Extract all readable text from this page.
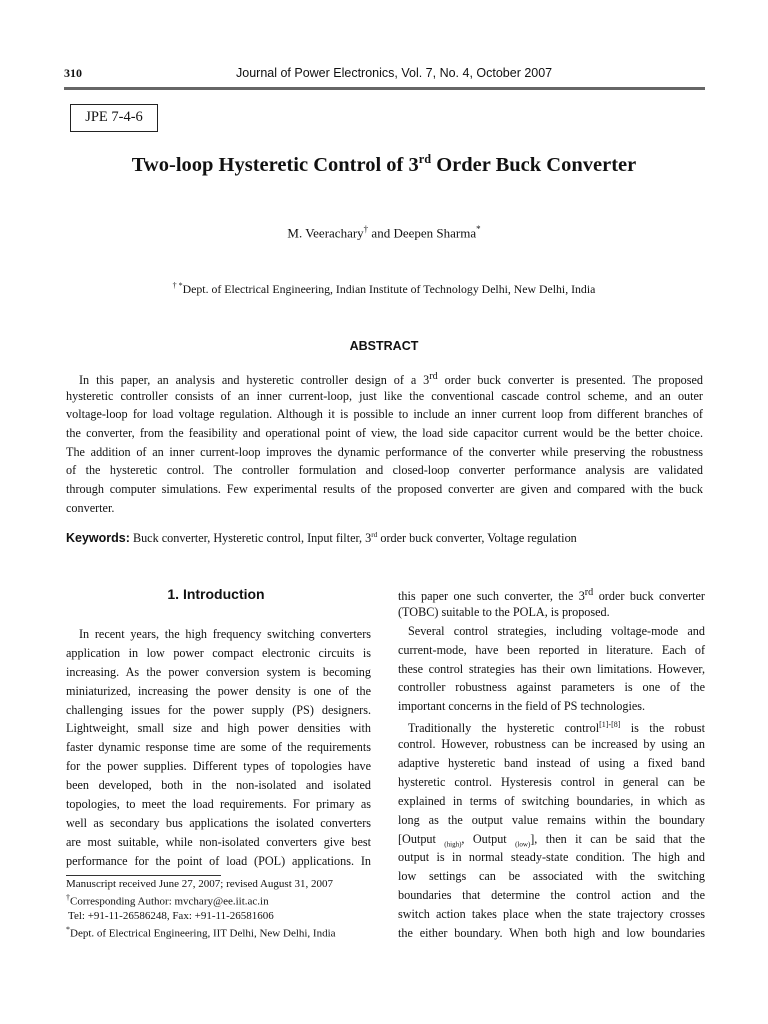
310	Journal of Power Electronics, Vol. 7, No. 4, October 2007
JPE 7-4-6
Two-loop Hysteretic Control of 3rd Order Buck Converter
M. Veerachary† and Deepen Sharma*
† *Dept. of Electrical Engineering, Indian Institute of Technology Delhi, New Delhi, India
ABSTRACT
In this paper, an analysis and hysteretic controller design of a 3rd order buck converter is presented. The proposed
hysteretic controller consists of an inner current-loop, just like the conventional cascade control scheme, and an outer
voltage-loop for load voltage regulation. Although it is possible to include an inner current loop from different branches of
the converter, from the feasibility and operational point of view, the load side capacitor current would be the better choice.
The addition of an inner current-loop improves the dynamic performance of the converter while preserving the robustness
of the hysteretic control. The controller formulation and closed-loop converter performance analysis are validated
through computer simulations. Few experimental results of the proposed converter are given and compared with the buck
converter.
Keywords: Buck converter, Hysteretic control, Input filter, 3rd order buck converter, Voltage regulation
1. Introduction
In recent years, the high frequency switching converters
application in low power compact electronic circuits is
increasing. As the power conversion system is becoming
miniaturized, increasing the power density is one of the
challenging issues for the power supply (PS) designers.
Lightweight, small size and high power densities with
faster dynamic response time are some of the requirements
for the power supplies. Different types of topologies have
been developed, both in the non-isolated and isolated
topologies, to meet the load requirements. For primary as
well as secondary bus applications the isolated converters
are most suitable, while non-isolated converters give best
performance for the point of load (POL) applications. In
Manuscript received June 27, 2007; revised August 31, 2007
†Corresponding Author: mvchary@ee.iit.ac.in
Tel: +91-11-26586248, Fax: +91-11-26581606
*Dept. of Electrical Engineering, IIT Delhi, New Delhi, India
this paper one such converter, the 3rd order buck converter
(TOBC) suitable to the POLA, is proposed.
Several control strategies, including voltage-mode and
current-mode, have been reported in literature. Each of
these control strategies has their own limitations. However,
controller robustness against parameters is one of the
important concerns in the field of PS technologies.
Traditionally the hysteretic control[1]-[8] is the robust
control. However, robustness can be increased by using an
adaptive hysteretic band instead of using a fixed band
hysteretic control. Hysteresis control in general can be
explained in terms of switching boundaries, in which as
long as the output value remains within the boundary
[Output $_{(high)}$, Output $_{(low)}$], then it can be said that the
output is in normal steady-state condition. The high and
low settings can be associated with the switching
boundaries that determine the control action and the
switch action takes place when the state trajectory crosses
the either boundary. When both high and low boundaries
